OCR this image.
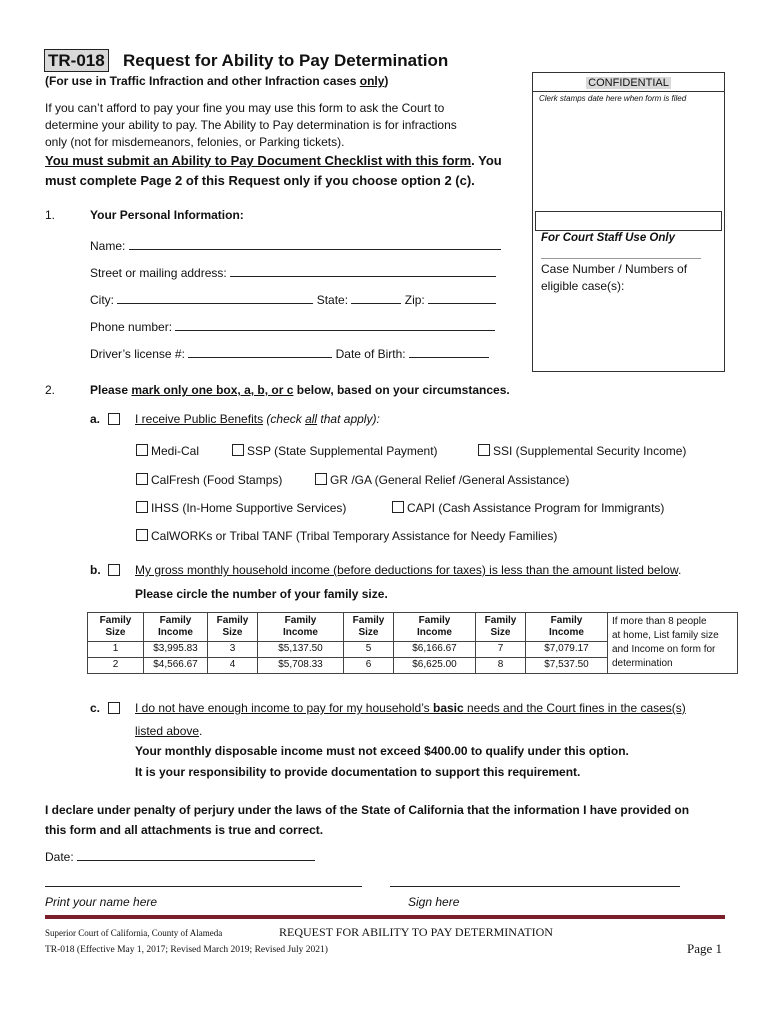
TR-018 Request for Ability to Pay Determination
(For use in Traffic Infraction and other Infraction cases only)
If you can’t afford to pay your fine you may use this form to ask the Court to
determine your ability to pay. The Ability to Pay determination is for infractions
only (not for misdemeanors, felonies, or Parking tickets).
You must submit an Ability to Pay Document Checklist with this form. You
must complete Page 2 of this Request only if you choose option 2 (c).
CONFIDENTIAL
Clerk stamps date here when form is filed
For Court Staff Use Only
Case Number / Numbers of
eligible case(s):
1.	Your Personal Information:
Name:
Street or mailing address:
City:	State:	Zip:
Phone number:
Driver’s license #:	Date of Birth:
2.	Please mark only one box, a, b, or c below, based on your circumstances.
a.	I receive Public Benefits (check all that apply):
Medi-Cal	SSP (State Supplemental Payment)	SSI (Supplemental Security Income)
CalFresh (Food Stamps)	GR /GA (General Relief /General Assistance)
IHSS (In-Home Supportive Services)	CAPI (Cash Assistance Program for Immigrants)
CalWORKs or Tribal TANF (Tribal Temporary Assistance for Needy Families)
b.	My gross monthly household income (before deductions for taxes) is less than the amount listed below.
Please circle the number of your family size.
Family
Size	Family
Income	Family
Size	Family
Income	Family
Size	Family
Income	Family
Size	Family
Income	If more than 8 people
at home, List family size
and Income on form for
determination
1	$3,995.83	3	$5,137.50	5	$6,166.67	7	$7,079.17	
2	$4,566.67	4	$5,708.33	6	$6,625.00	8	$7,537.50	
c.	I do not have enough income to pay for my household’s basic needs and the Court fines in the cases(s)
listed above.
Your monthly disposable income must not exceed $400.00 to qualify under this option.
It is your responsibility to provide documentation to support this requirement.
I declare under penalty of perjury under the laws of the State of California that the information I have provided on
this form and all attachments is true and correct.
Date:
Print your name here	Sign here
Superior Court of California, County of Alameda	REQUEST FOR ABILITY TO PAY DETERMINATION
TR-018 (Effective May 1, 2017; Revised March 2019; Revised July 2021)	Page 1
